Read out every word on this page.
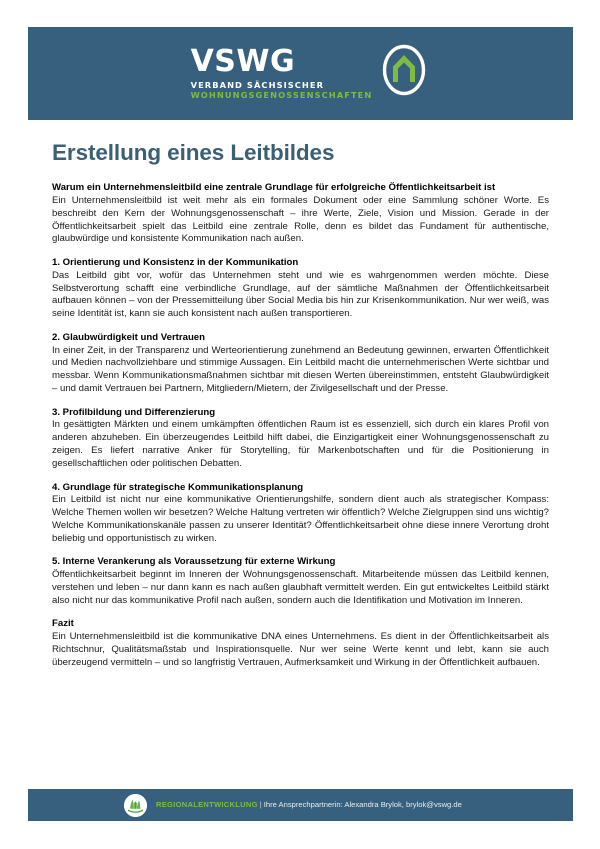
VSWG
VERBAND SÄCHSISCHER
WOHNUNGSGENOSSENSCHAFTEN
Erstellung eines Leitbildes

Warum ein Unternehmensleitbild eine zentrale Grundlage für erfolgreiche Öffentlichkeitsarbeit ist

Ein Unternehmensleitbild ist weit mehr als ein formales Dokument oder eine Sammlung schöner Worte. Es beschreibt den Kern der Wohnungsgenossenschaft – ihre Werte, Ziele, Vision und Mission. Gerade in der Öffentlichkeitsarbeit spielt das Leitbild eine zentrale Rolle, denn es bildet das Fundament für authentische, glaubwürdige und konsistente Kommunikation nach außen.

1. Orientierung und Konsistenz in der Kommunikation

Das Leitbild gibt vor, wofür das Unternehmen steht und wie es wahrgenommen werden möchte. Diese Selbstverortung schafft eine verbindliche Grundlage, auf der sämtliche Maßnahmen der Öffentlichkeitsarbeit aufbauen können – von der Pressemitteilung über Social Media bis hin zur Krisenkommunikation. Nur wer weiß, was seine Identität ist, kann sie auch konsistent nach außen transportieren.

2. Glaubwürdigkeit und Vertrauen

In einer Zeit, in der Transparenz und Werteorientierung zunehmend an Bedeutung gewinnen, erwarten Öffentlichkeit und Medien nachvollziehbare und stimmige Aussagen. Ein Leitbild macht die unternehmerischen Werte sichtbar und messbar. Wenn Kommunikationsmaßnahmen sichtbar mit diesen Werten übereinstimmen, entsteht Glaubwürdigkeit – und damit Vertrauen bei Partnern, Mitgliedern/Mietern, der Zivilgesellschaft und der Presse.

3. Profilbildung und Differenzierung

In gesättigten Märkten und einem umkämpften öffentlichen Raum ist es essenziell, sich durch ein klares Profil von anderen abzuheben. Ein überzeugendes Leitbild hilft dabei, die Einzigartigkeit einer Wohnungsgenossenschaft zu zeigen. Es liefert narrative Anker für Storytelling, für Markenbotschaften und für die Positionierung in gesellschaftlichen oder politischen Debatten.

4. Grundlage für strategische Kommunikationsplanung

Ein Leitbild ist nicht nur eine kommunikative Orientierungshilfe, sondern dient auch als strategischer Kompass: Welche Themen wollen wir besetzen? Welche Haltung vertreten wir öffentlich? Welche Zielgruppen sind uns wichtig? Welche Kommunikationskanäle passen zu unserer Identität? Öffentlichkeitsarbeit ohne diese innere Verortung droht beliebig und opportunistisch zu wirken.

5. Interne Verankerung als Voraussetzung für externe Wirkung

Öffentlichkeitsarbeit beginnt im Inneren der Wohnungsgenossenschaft. Mitarbeitende müssen das Leitbild kennen, verstehen und leben – nur dann kann es nach außen glaubhaft vermittelt werden. Ein gut entwickeltes Leitbild stärkt also nicht nur das kommunikative Profil nach außen, sondern auch die Identifikation und Motivation im Inneren.

Fazit

Ein Unternehmensleitbild ist die kommunikative DNA eines Unternehmens. Es dient in der Öffentlichkeitsarbeit als Richtschnur, Qualitätsmaßstab und Inspirationsquelle. Nur wer seine Werte kennt und lebt, kann sie auch überzeugend vermitteln – und so langfristig Vertrauen, Aufmerksamkeit und Wirkung in der Öffentlichkeit aufbauen.

REGIONALENTWICKLUNG | Ihre Ansprechpartnerin: Alexandra Brylok, brylok@vswg.de
